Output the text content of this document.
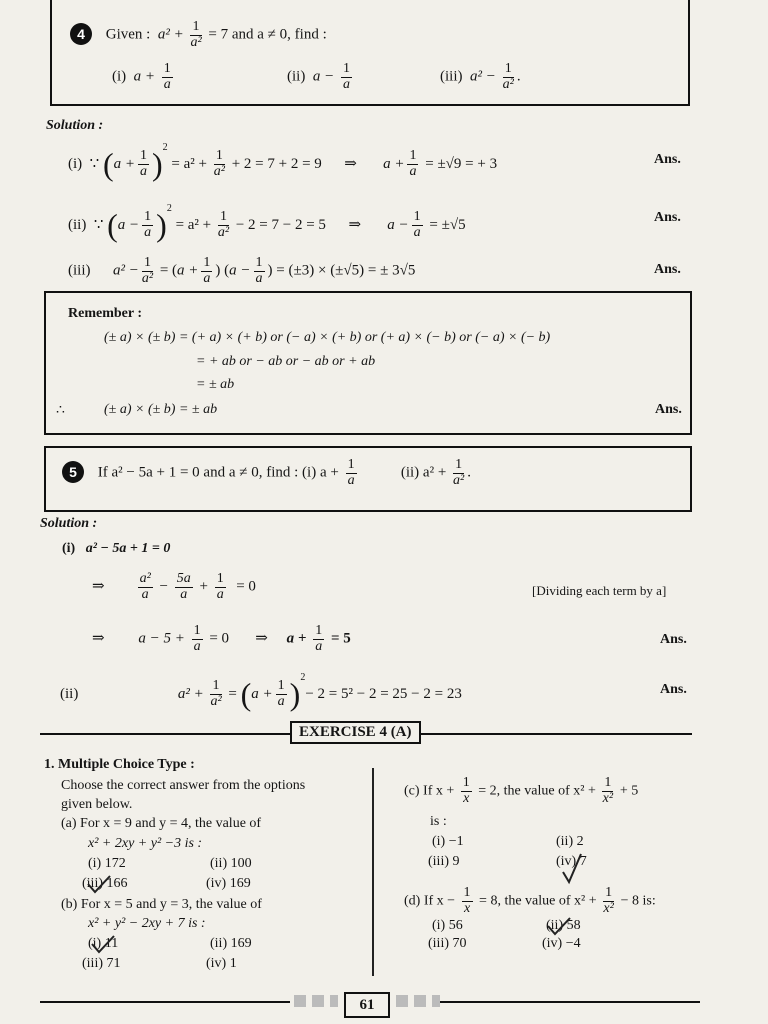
4 Given :  $a^2 + \frac{1}{\text{a²}} = 7$ and a ≠ 0, find :
(i)  $a + \frac{1}{a}$	(ii)  $a - \frac{1}{a}$	(iii)  $a^2 - \frac{1}{\text{a²}}$ .
Solution :
(i)  ∵ $(a + \frac{1}{a} )^2 = a^2 + \frac{1}{\text{a²}} + 2 = 7 + 2 = 9$      ⇒       $a + \frac{1}{a} = \pm√9$ = + 3	Ans.
(ii)  ∵ $(a - \frac{1}{a} )^2 = a^2 + \frac{1}{\text{a²}} - 2 = 7 - 2 = 5$      ⇒       $a - \frac{1}{a} = \pm√5$	Ans.
(iii) $a^2 - \frac{1}{\text{a²}} = (a + \frac{1}{a}$ ) ($a - \frac{1}{a}$ ) = (±3) × (±√5) = ± 3√5	Ans.
Remember :
(± a) × (± b) = (+ a) × (+ b) or (− a) × (+ b) or (+ a) × (− b) or (− a) × (− b)
= + ab or − ab or − ab or + ab
= ± ab
∴	(± a) × (± b) = ± ab	Ans.
5 If a² − 5a + 1 = 0 and a ≠ 0, find : (i) $a + \frac{1}{a}$	(ii) $a^2 + \frac{1}{\text{a²}}$ .
Solution :
(i) a² − 5a + 1 = 0
⇒ $\frac{\text{a²}}{a} - \frac{5a}{a} + \frac{1}{a} = 0$	[Dividing each term by a]
⇒ $a - 5 + \frac{1}{a} = 0$ ⇒ $a + \frac{1}{a} = 5$	Ans.
(ii)	$a^2 + \frac{1}{\text{a²}} = (a + \frac{1}{a} )^2- 2 = 5^2 - 2 = 25 - 2 = 23$	Ans.
EXERCISE 4 (A)
1. Multiple Choice Type :
Choose the correct answer from the options
given below.
(a) For x = 9 and y = 4, the value of
x² + 2xy + y² −3 is :
(i) 172	(ii) 100
(iii) 166	(iv) 169
(b) For x = 5 and y = 3, the value of
x² + y² − 2xy + 7 is :
(i) 11	(ii) 169
(iii) 71	(iv) 1
(c) If $x + \frac{1}{x} = 2$, the value of $x^2 + \frac{1}{\text{x²}} + 5$
is :
(i) −1	(ii) 2
(iii) 9	(iv) 7
(d) If $x - \frac{1}{x} = 8$, the value of $x^2 + \frac{1}{\text{x²}} - 8$ is:
(i) 56	(ii) 58
(iii) 70	(iv) −4
61
